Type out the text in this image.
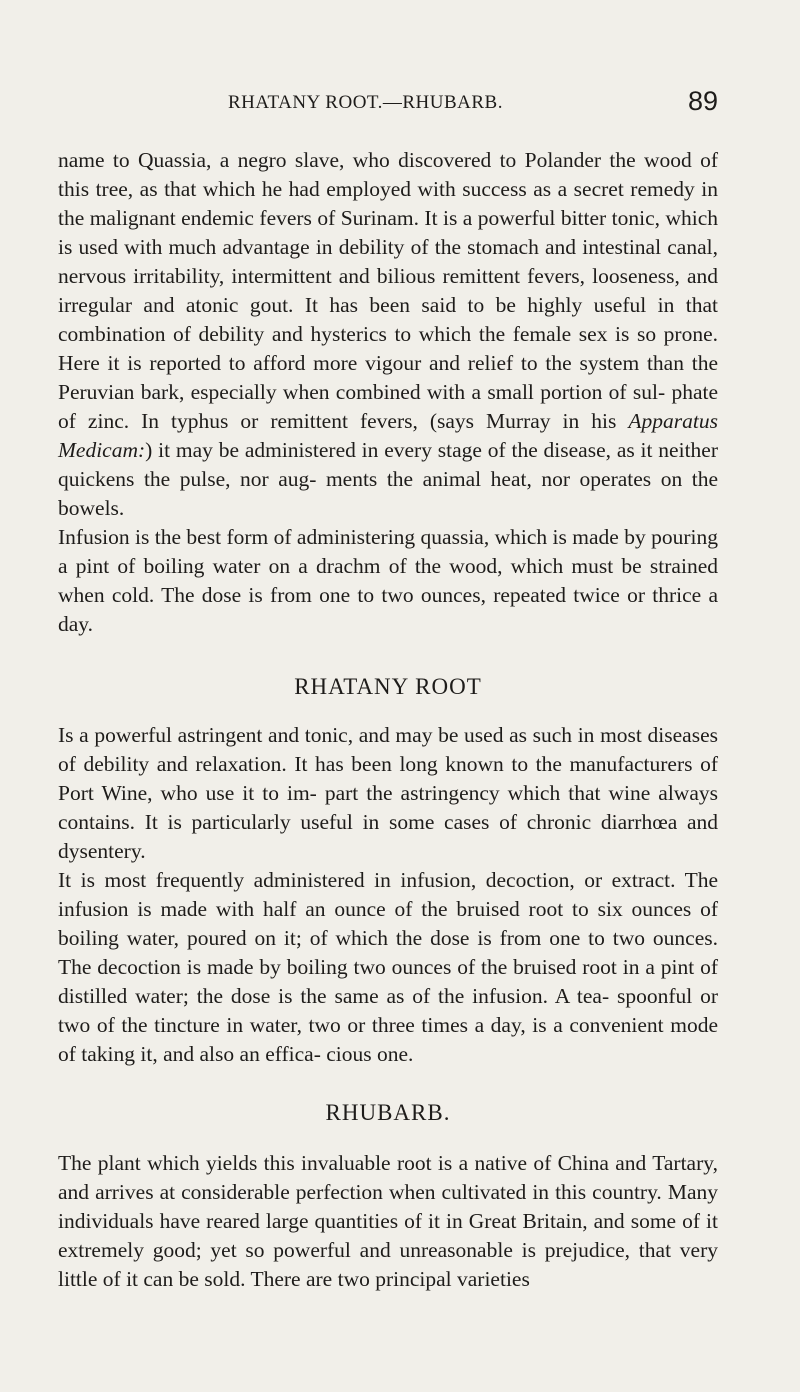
RHATANY ROOT.—RHUBARB.	89

name to Quassia, a negro slave, who discovered to Polander the wood of this tree, as that which he had employed with success as a secret remedy in the malignant endemic fevers of Surinam. It is a powerful bitter tonic, which is used with much advantage in debility of the stomach and intestinal canal, nervous irritability, intermittent and bilious remittent fevers, looseness, and irregular and atonic gout. It has been said to be highly useful in that combination of debility and hysterics to which the female sex is so prone. Here it is reported to afford more vigour and relief to the system than the Peruvian bark, especially when combined with a small portion of sul- phate of zinc. In typhus or remittent fevers, (says Murray in his Apparatus Medicam:) it may be administered in every stage of the disease, as it neither quickens the pulse, nor aug- ments the animal heat, nor operates on the bowels.

Infusion is the best form of administering quassia, which is made by pouring a pint of boiling water on a drachm of the wood, which must be strained when cold. The dose is from one to two ounces, repeated twice or thrice a day.

RHATANY ROOT

Is a powerful astringent and tonic, and may be used as such in most diseases of debility and relaxation. It has been long known to the manufacturers of Port Wine, who use it to im- part the astringency which that wine always contains. It is particularly useful in some cases of chronic diarrhœa and dysentery.

It is most frequently administered in infusion, decoction, or extract. The infusion is made with half an ounce of the bruised root to six ounces of boiling water, poured on it; of which the dose is from one to two ounces. The decoction is made by boiling two ounces of the bruised root in a pint of distilled water; the dose is the same as of the infusion. A tea- spoonful or two of the tincture in water, two or three times a day, is a convenient mode of taking it, and also an effica- cious one.

RHUBARB.

The plant which yields this invaluable root is a native of China and Tartary, and arrives at considerable perfection when cultivated in this country. Many individuals have reared large quantities of it in Great Britain, and some of it extremely good; yet so powerful and unreasonable is prejudice, that very little of it can be sold. There are two principal varieties
